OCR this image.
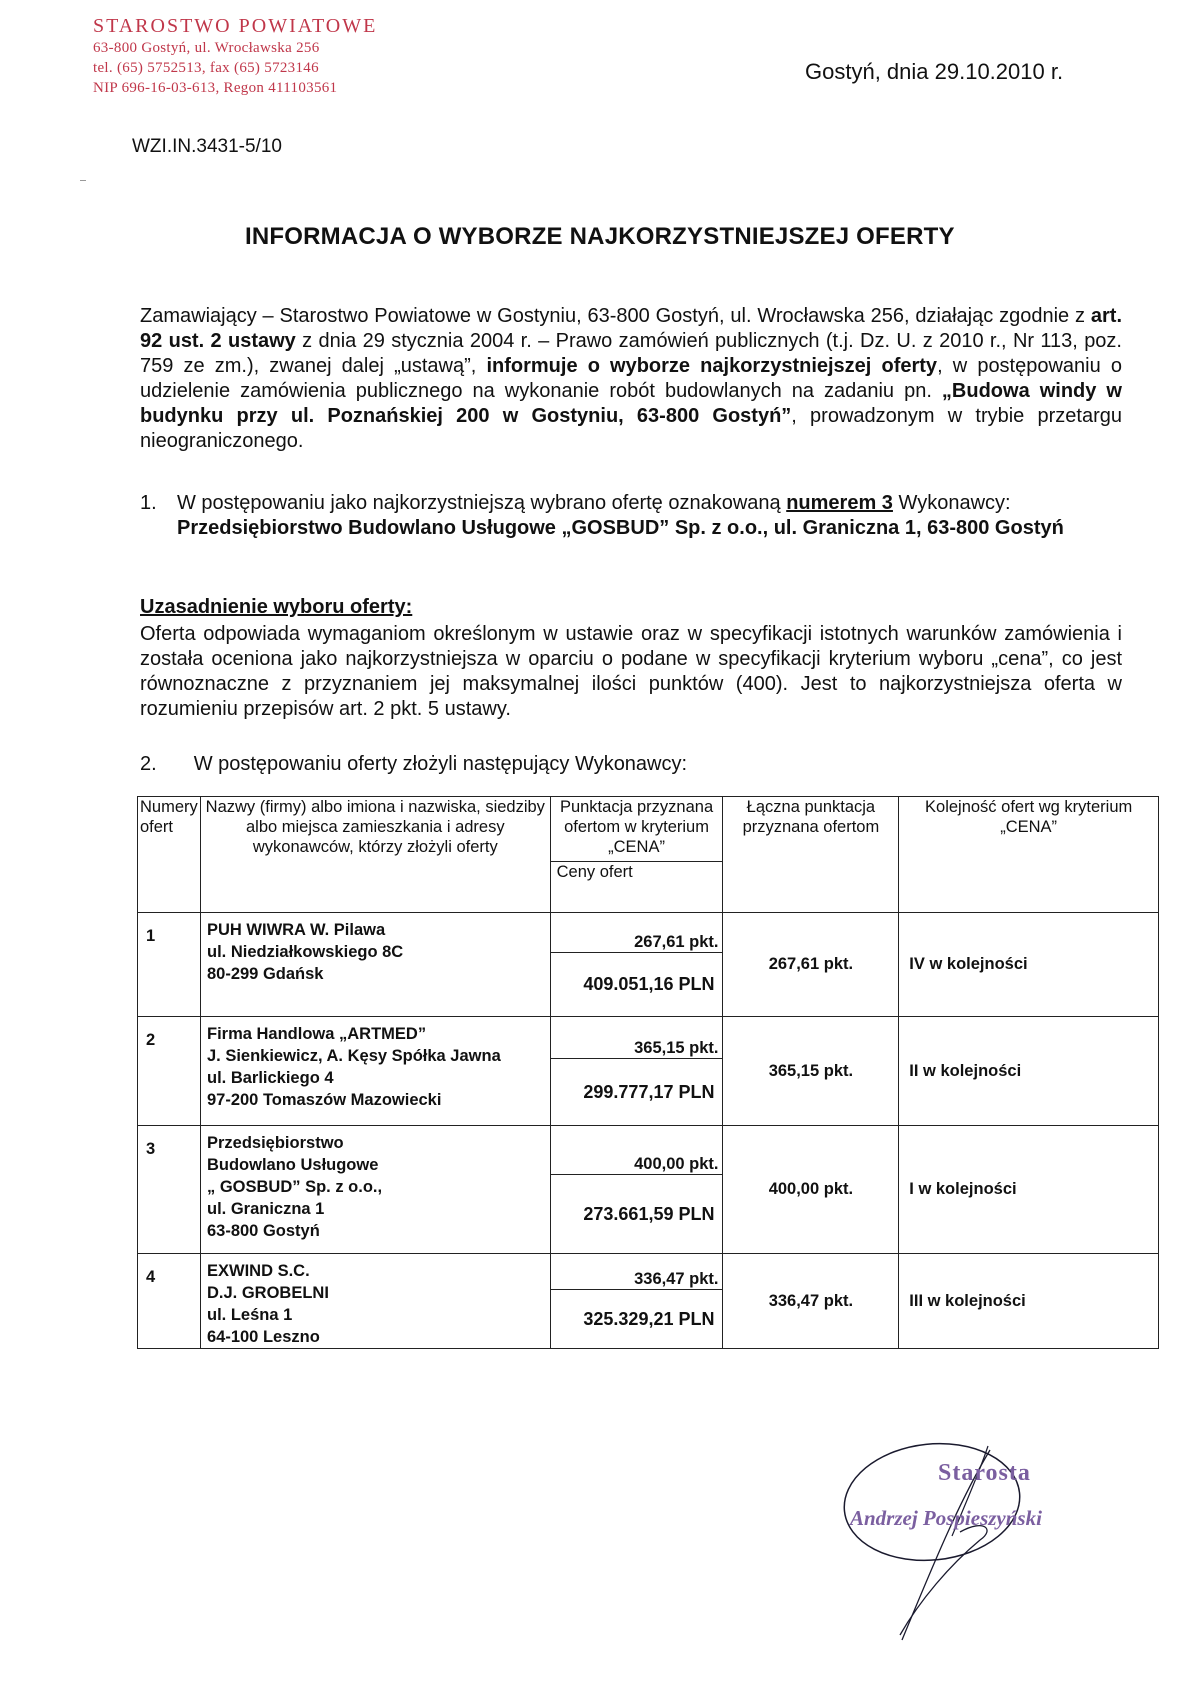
STAROSTWO POWIATOWE
63-800 Gostyń, ul. Wrocławska 256
tel. (65) 5752513, fax (65) 5723146
NIP 696-16-03-613, Regon 411103561
Gostyń, dnia 29.10.2010 r.
WZI.IN.3431-5/10
INFORMACJA O WYBORZE NAJKORZYSTNIEJSZEJ OFERTY
Zamawiający – Starostwo Powiatowe w Gostyniu, 63-800 Gostyń, ul. Wrocławska 256, działając zgodnie z art. 92 ust. 2 ustawy z dnia 29 stycznia 2004 r. – Prawo zamówień publicznych (t.j. Dz. U. z 2010 r., Nr 113, poz. 759 ze zm.), zwanej dalej „ustawą”, informuje o wyborze najkorzystniejszej oferty, w postępowaniu o udzielenie zamówienia publicznego na wykonanie robót budowlanych na zadaniu pn. „Budowa windy w budynku przy ul. Poznańskiej 200 w Gostyniu, 63-800 Gostyń”, prowadzonym w trybie przetargu nieograniczonego.
1. W postępowaniu jako najkorzystniejszą wybrano ofertę oznakowaną numerem 3 Wykonawcy:
Przedsiębiorstwo Budowlano Usługowe „GOSBUD” Sp. z o.o., ul. Graniczna 1, 63-800 Gostyń
Uzasadnienie wyboru oferty:
Oferta odpowiada wymaganiom określonym w ustawie oraz w specyfikacji istotnych warunków zamówienia i została oceniona jako najkorzystniejsza w oparciu o podane w specyfikacji kryterium wyboru „cena”, co jest równoznaczne z przyznaniem jej maksymalnej ilości punktów (400). Jest to najkorzystniejsza oferta w rozumieniu przepisów art. 2 pkt. 5 ustawy.
2. W postępowaniu oferty złożyli następujący Wykonawcy:
Numery ofert	Nazwy (firmy) albo imiona i nazwiska, siedziby albo miejsca zamieszkania i adresy wykonawców, którzy złożyli oferty	Punktacja przyznana ofertom w kryterium „CENA”	Łączna punktacja przyznana ofertom	Kolejność ofert wg kryterium „CENA”
		Ceny ofert		
1	PUH WIWRA W. Pilawa
ul. Niedziałkowskiego 8C
80-299 Gdańsk	267,61 pkt.	267,61 pkt.	IV w kolejności
		409.051,16 PLN		
2	Firma Handlowa „ARTMED”
J. Sienkiewicz, A. Kęsy Spółka Jawna
ul. Barlickiego 4
97-200 Tomaszów Mazowiecki	365,15 pkt.	365,15 pkt.	II w kolejności
		299.777,17 PLN		
3	Przedsiębiorstwo
Budowlano Usługowe
„ GOSBUD” Sp. z o.o.,
ul. Graniczna 1
63-800 Gostyń	400,00 pkt.	400,00 pkt.	I w kolejności
		273.661,59 PLN		
4	EXWIND S.C.
D.J. GROBELNI
ul. Leśna 1
64-100 Leszno	336,47 pkt.	336,47 pkt.	III w kolejności
		325.329,21 PLN		
Starosta
Andrzej Pospieszyński
